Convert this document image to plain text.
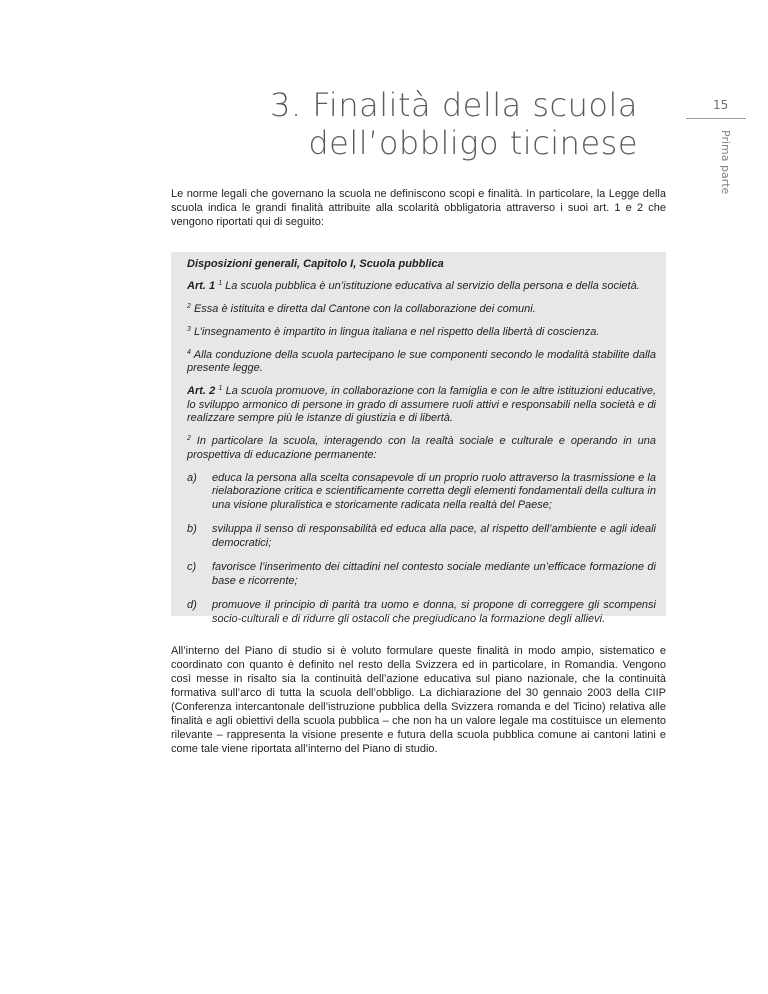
3. Finalità della scuola
dell’obbligo ticinese
15
Prima parte

Le norme legali che governano la scuola ne definiscono scopi e finalità. In particolare, la Legge della scuola indica le grandi finalità attribuite alla scolarità obbligatoria attraverso i suoi art. 1 e 2 che vengono riportati qui di seguito:

Disposizioni generali, Capitolo I, Scuola pubblica

Art. 1 $^1$ La scuola pubblica è un’istituzione educativa al servizio della persona e della società.

$^2$ Essa è istituita e diretta dal Cantone con la collaborazione dei comuni.

$^3$ L’insegnamento è impartito in lingua italiana e nel rispetto della libertà di coscienza.

$^4$ Alla conduzione della scuola partecipano le sue componenti secondo le modalità stabilite dalla presente legge.

Art. 2 $^1$ La scuola promuove, in collaborazione con la famiglia e con le altre istituzioni educative, lo sviluppo armonico di persone in grado di assumere ruoli attivi e responsabili nella società e di realizzare sempre più le istanze di giustizia e di libertà.

$^2$ In particolare la scuola, interagendo con la realtà sociale e culturale e operando in una prospettiva di educazione permanente:

a)	educa la persona alla scelta consapevole di un proprio ruolo attraverso la trasmissione e la rielaborazione critica e scientificamente corretta degli elementi fondamentali della cultura in una visione pluralistica e storicamente radicata nella realtà del Paese;
b)	sviluppa il senso di responsabilità ed educa alla pace, al rispetto dell’ambiente e agli ideali democratici;
c)	favorisce l’inserimento dei cittadini nel contesto sociale mediante un’efficace formazione di base e ricorrente;
d)	promuove il principio di parità tra uomo e donna, si propone di correggere gli scompensi socio-culturali e di ridurre gli ostacoli che pregiudicano la formazione degli allievi.

All’interno del Piano di studio si è voluto formulare queste finalità in modo ampio, sistematico e coordinato con quanto è definito nel resto della Svizzera ed in particolare, in Romandia. Vengono così messe in risalto sia la continuità dell’azione educativa sul piano nazionale, che la continuità formativa sull’arco di tutta la scuola dell’obbligo. La dichiarazione del 30 gennaio 2003 della CIIP (Conferenza intercantonale dell’istruzione pubblica della Svizzera romanda e del Ticino) relativa alle finalità e agli obiettivi della scuola pubblica – che non ha un valore legale ma costituisce un elemento rilevante – rappresenta la visione presente e futura della scuola pubblica comune ai cantoni latini e come tale viene riportata all’interno del Piano di studio.
